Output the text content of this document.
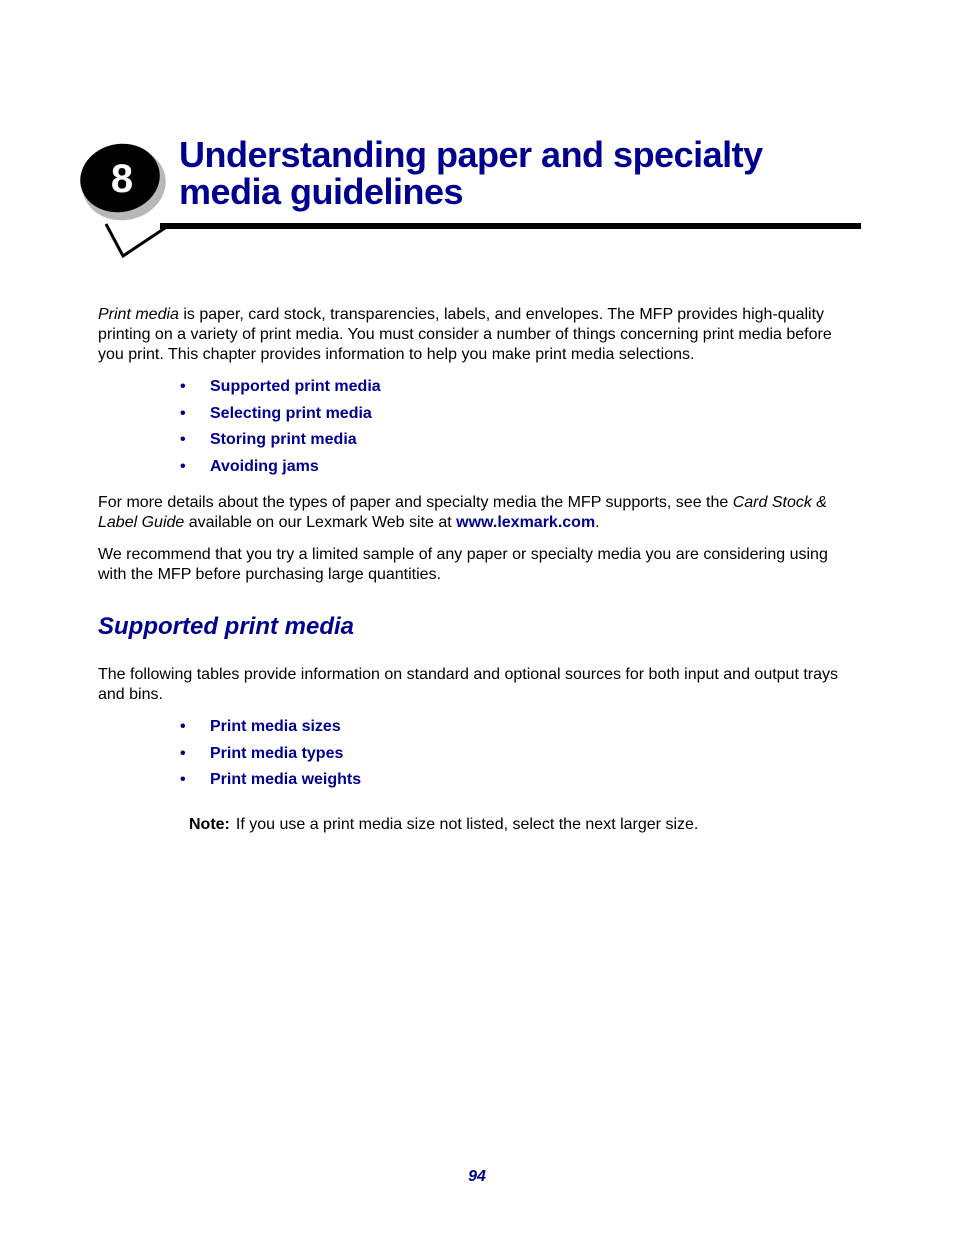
8
Understanding paper and specialty
media guidelines

Print media is paper, card stock, transparencies, labels, and envelopes. The MFP provides high-quality printing on a variety of print media. You must consider a number of things concerning print media before you print. This chapter provides information to help you make print media selections.

• Supported print media
• Selecting print media
• Storing print media
• Avoiding jams

For more details about the types of paper and specialty media the MFP supports, see the Card Stock & Label Guide available on our Lexmark Web site at www.lexmark.com.

We recommend that you try a limited sample of any paper or specialty media you are considering using with the MFP before purchasing large quantities.

Supported print media

The following tables provide information on standard and optional sources for both input and output trays and bins.

• Print media sizes
• Print media types
• Print media weights
Note: If you use a print media size not listed, select the next larger size.
94
